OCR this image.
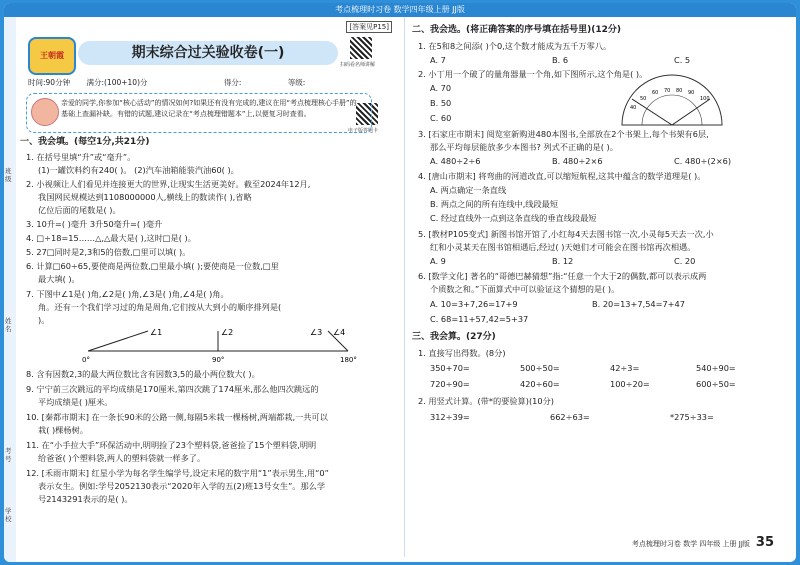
考点梳理时习卷 数学四年级上册 JJ版
班级
姓名
考号
学校
[答案见P15]
王朝霞	期末综合过关验收卷(一)
扫码看名师讲解
电子版答题卡
时间:90分钟 满分:(100+10)分	得分:	等级:
亲爱的同学,你参加“核心活动”的情况如何?如果还有没有完成的,建议在用“考点梳理核心手册”的基础上查漏补缺。有错的试题,建议记录在“考点梳理错题本”上,以便复习时查看。
一、我会填。(每空1分,共21分)
1. 在括号里填“升”或“毫升”。
(1)一罐饮料约有240( )。 (2)汽车油箱能装汽油60( )。
2. 小视频让人们看见并连接更大的世界,让现实生活更美好。截至2024年12月,
我国网民规模达到1108000000人,横线上的数读作( ),省略
亿位后面的尾数是( )。
3. 10升=( )毫升 3升50毫升=( )毫升
4. □÷18=15……△,△最大是( ),这时□是( )。
5. 27□同时是2,3和5的倍数,□里可以填( )。
6. 计算□60÷65,要使商是两位数,□里最小填( );要使商是一位数,□里
最大填( )。
7. 下图中∠1是( )角,∠2是( )角,∠3是( )角,∠4是( )角。
角。还有一个我们学习过的角是周角,它们按从大到小的顺序排列是(
)。
∠1	∠2	∠3 ∠4
0°	90°	180°
8. 含有因数2,3的最大两位数比含有因数3,5的最小两位数大( )。
9. 宁宁前三次跳远的平均成绩是170厘米,第四次跳了174厘米,那么他四次跳远的
平均成绩是( )厘米。
10. [秦都市期末] 在一条长90米的公路一侧,每隔5米栽一棵杨树,两端都栽,一共可以
栽( )棵杨树。
11. 在“小手拉大手”环保活动中,明明捡了23个塑料袋,爸爸捡了15个塑料袋,明明
给爸爸( )个塑料袋,两人的塑料袋就一样多了。
12. [禾雨市期末] 红星小学为每名学生编学号,设定末尾的数字用“1”表示男生,用“0”
表示女生。例如:学号2052130表示“2020年入学的五(2)班13号女生”。那么学
号2143291表示的是( )。
二、我会选。(将正确答案的序号填在括号里)(12分)
1. 在5和8之间添( )个0,这个数才能成为五千万零八。
A. 7	B. 6	C. 5
2. 小丁用一个破了的量角器量一个角,如下图所示,这个角是( )。
A. 70
B. 50
C. 60
40
50
60 70 80 90
100
3. [石家庄市期末] 阅览室新购进480本图书,全部放在2个书架上,每个书架有6层,
那么平均每层能放多少本图书? 列式不正确的是( )。
A. 480÷2÷6	B. 480÷2×6	C. 480÷(2×6)
4. [唐山市期末] 将弯曲的河道改直,可以缩短航程,这其中蕴含的数学道理是( )。
A. 两点确定一条直线
B. 两点之间的所有连线中,线段最短
C. 经过直线外一点到这条直线的垂直线段最短
5. [教材P105变式] 新图书馆开馆了,小红每4天去图书馆一次,小灵每5天去一次,小
红和小灵某天在图书馆相遇后,经过( )天她们才可能会在图书馆再次相遇。
A. 9	B. 12	C. 20
6. [数学文化] 著名的“哥德巴赫猜想”指:“任意一个大于2的偶数,都可以表示成两
个质数之和。”下面算式中可以验证这个猜想的是( )。
A. 10=3+7,26=17+9	B. 20=13+7,54=7+47
C. 68=11+57,42=5+37
三、我会算。(27分)
1. 直接写出得数。(8分)
350+70=	500÷50=	42÷3=	540÷90=
720÷90=	420÷60=	100÷20=	600÷50=
2. 用竖式计算。(带*的要验算)(10分)
312÷39=	662÷63=	*275÷33=
考点梳理时习卷 数学 四年级 上册 JJ版 35
